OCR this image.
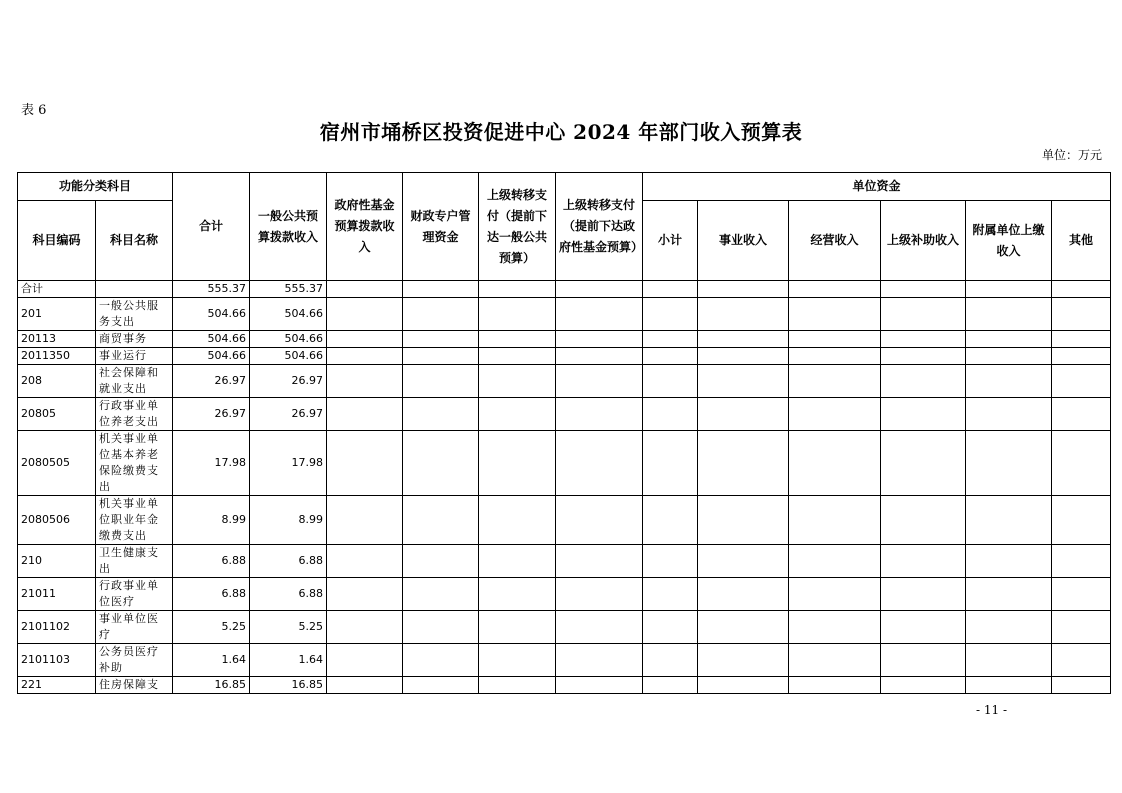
表 6
宿州市埇桥区投资促进中心 2024 年部门收入预算表
单位：万元
功能分类科目		合计	一般公共预算拨款收入	政府性基金预算拨款收入	财政专户管理资金	上级转移支付（提前下达一般公共预算）	上级转移支付（提前下达政府性基金预算）	单位资金					
科目编码	科目名称							小计	事业收入	经营收入	上级补助收入	附属单位上缴收入	其他
合计		555.37	555.37										
201	一般公共服务支出	504.66	504.66										
20113	商贸事务	504.66	504.66										
2011350	事业运行	504.66	504.66										
208	社会保障和就业支出	26.97	26.97										
20805	行政事业单位养老支出	26.97	26.97										
2080505	机关事业单位基本养老保险缴费支出	17.98	17.98										
2080506	机关事业单位职业年金缴费支出	8.99	8.99										
210	卫生健康支出	6.88	6.88										
21011	行政事业单位医疗	6.88	6.88										
2101102	事业单位医疗	5.25	5.25										
2101103	公务员医疗补助	1.64	1.64										
221	住房保障支	16.85	16.85										
- 11 -
